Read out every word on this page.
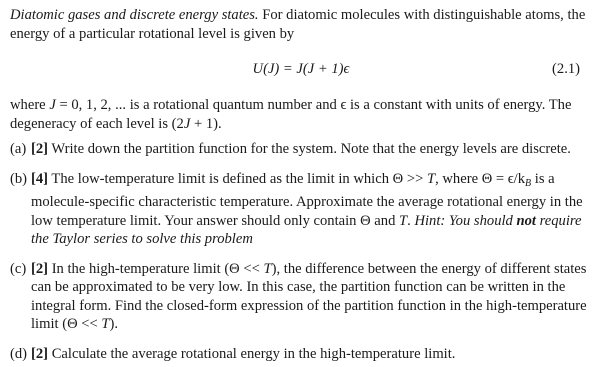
Diatomic gases and discrete energy states. For diatomic molecules with distinguishable atoms, the energy of a particular rotational level is given by

U(J) = J(J + 1)ϵ	(2.1)

where J = 0, 1, 2, ... is a rotational quantum number and ϵ is a constant with units of energy. The degeneracy of each level is (2J + 1).

(a) [2] Write down the partition function for the system. Note that the energy levels are discrete.
(b) [4] The low-temperature limit is defined as the limit in which Θ >> T, where $\Theta = \epsilon/k_B$ is a molecule-specific characteristic temperature. Approximate the average rotational energy in the low temperature limit. Your answer should only contain Θ and T. Hint: You should not require the Taylor series to solve this problem
(c) [2] In the high-temperature limit (Θ << T), the difference between the energy of different states can be approximated to be very low. In this case, the partition function can be written in the integral form. Find the closed-form expression of the partition function in the high-temperature limit (Θ << T).
(d) [2] Calculate the average rotational energy in the high-temperature limit.
